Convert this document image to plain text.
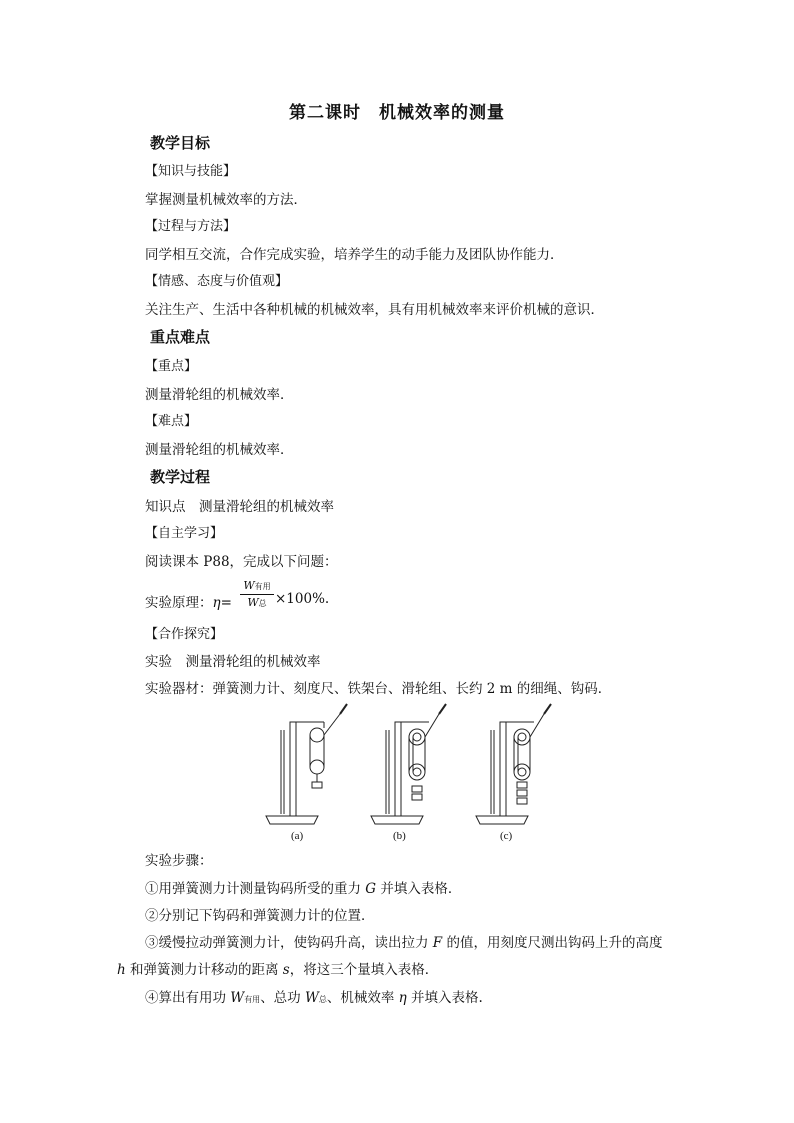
第二课时　机械效率的测量
教学目标
【知识与技能】
掌握测量机械效率的方法．
【过程与方法】
同学相互交流，合作完成实验，培养学生的动手能力及团队协作能力．
【情感、态度与价值观】
关注生产、生活中各种机械的机械效率，具有用机械效率来评价机械的意识．
重点难点
【重点】
测量滑轮组的机械效率．
【难点】
测量滑轮组的机械效率．
教学过程
知识点　测量滑轮组的机械效率
【自主学习】
阅读课本 P88，完成以下问题：
实验原理：η=
W有用
W总 ×100%.
【合作探究】
实验　测量滑轮组的机械效率
实验器材：弹簧测力计、刻度尺、铁架台、滑轮组、长约 2 m 的细绳、钩码．
(a)	(b)	(c)
实验步骤：
①用弹簧测力计测量钩码所受的重力 G 并填入表格．
②分别记下钩码和弹簧测力计的位置．
③缓慢拉动弹簧测力计，使钩码升高，读出拉力 F 的值，用刻度尺测出钩码上升的高度
h 和弹簧测力计移动的距离 s，将这三个量填入表格．
④算出有用功 W有用、总功 W总、机械效率 η 并填入表格.
